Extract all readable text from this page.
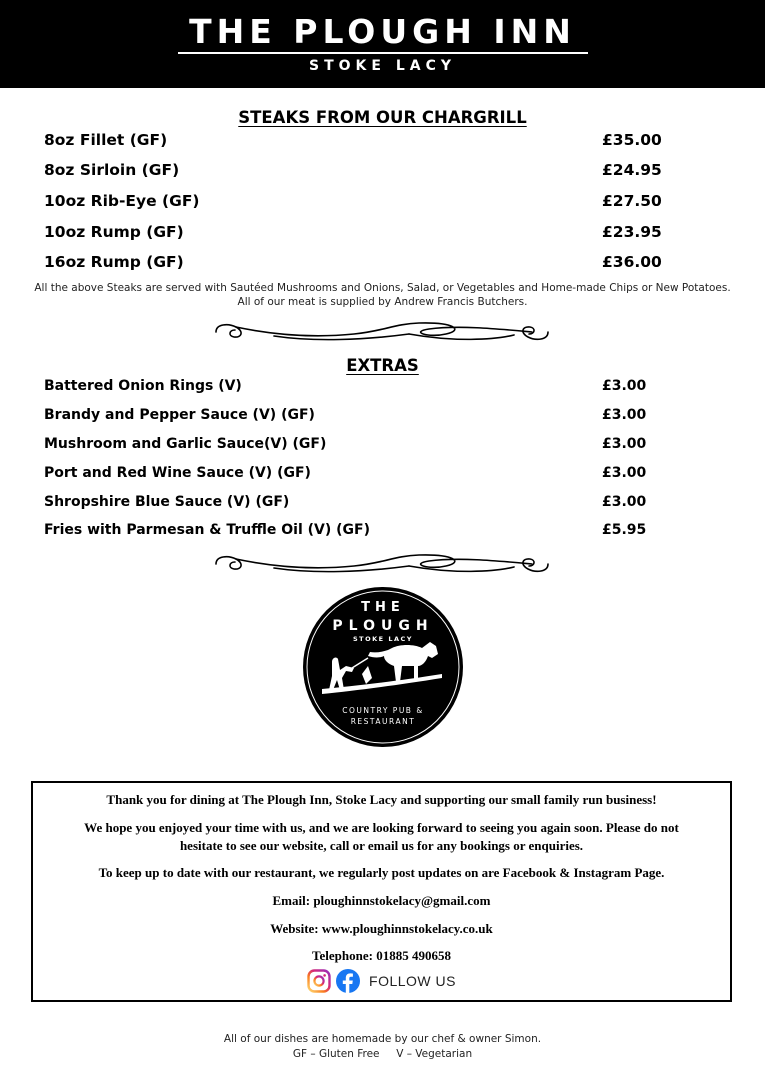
THE PLOUGH INN
STOKE LACY
STEAKS FROM OUR CHARGRILL
8oz Fillet (GF)	£35.00
8oz Sirloin (GF)	£24.95
10oz Rib-Eye (GF)	£27.50
10oz Rump (GF)	£23.95
16oz Rump (GF)	£36.00
All the above Steaks are served with Sautéed Mushrooms and Onions, Salad, or Vegetables and Home-made Chips or New Potatoes.
All of our meat is supplied by Andrew Francis Butchers.
EXTRAS
Battered Onion Rings (V)	£3.00
Brandy and Pepper Sauce (V) (GF)	£3.00
Mushroom and Garlic Sauce(V) (GF)	£3.00
Port and Red Wine Sauce (V) (GF)	£3.00
Shropshire Blue Sauce (V) (GF)	£3.00
Fries with Parmesan & Truffle Oil (V) (GF)	£5.95
THE
PLOUGH
STOKE LACY
COUNTRY PUB &
RESTAURANT
Thank you for dining at The Plough Inn, Stoke Lacy and supporting our small family run business!
We hope you enjoyed your time with us, and we are looking forward to seeing you again soon. Please do not
hesitate to see our website, call or email us for any bookings or enquiries.
To keep up to date with our restaurant, we regularly post updates on are Facebook & Instagram Page.
Email: ploughinnstokelacy@gmail.com
Website: www.ploughinnstokelacy.co.uk
Telephone: 01885 490658
FOLLOW US
All of our dishes are homemade by our chef & owner Simon.
GF – Gluten Free     V – Vegetarian
